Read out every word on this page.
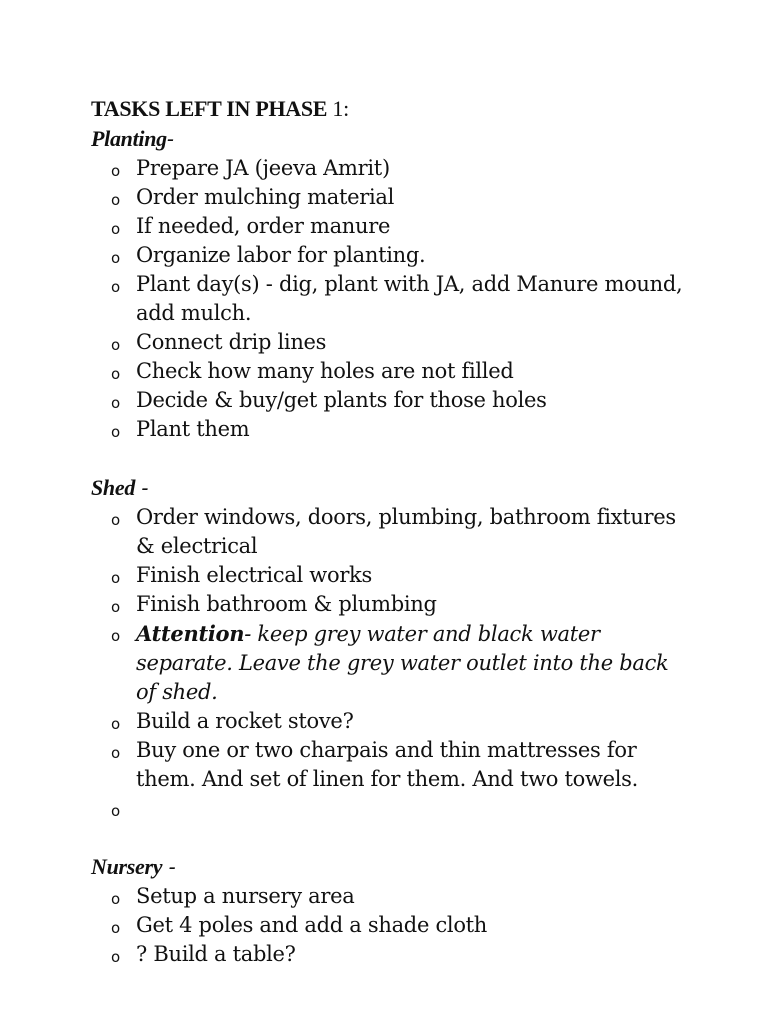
TASKS LEFT IN PHASE 1:

Planting-

o Prepare JA (jeeva Amrit)
o Order mulching material
o If needed, order manure
o Organize labor for planting.
o Plant day(s) - dig, plant with JA, add Manure mound, add mulch.
o Connect drip lines
o Check how many holes are not filled
o Decide & buy/get plants for those holes
o Plant them

Shed -

o Order windows, doors, plumbing, bathroom fixtures & electrical
o Finish electrical works
o Finish bathroom & plumbing
o Attention- keep grey water and black water separate. Leave the grey water outlet into the back of shed.
o Build a rocket stove?
o Buy one or two charpais and thin mattresses for them. And set of linen for them. And two towels.
o

Nursery -

o Setup a nursery area
o Get 4 poles and add a shade cloth
o ? Build a table?
